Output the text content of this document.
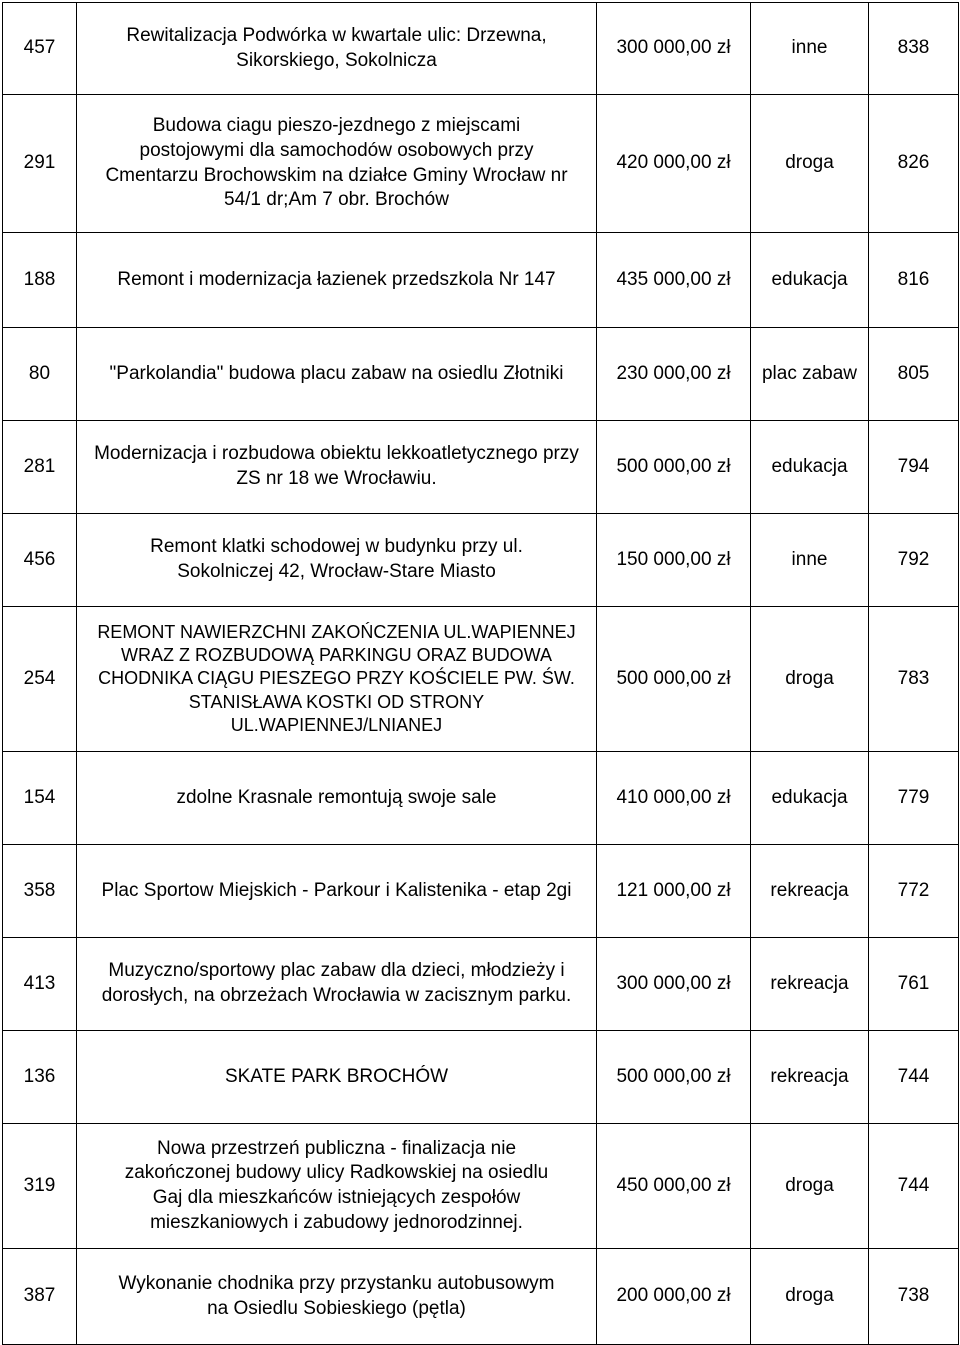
457	Rewitalizacja Podwórka w kwartale ulic: Drzewna, Sikorskiego, Sokolnicza	300 000,00 zł	inne	838
291	Budowa ciagu pieszo-jezdnego z miejscami postojowymi dla samochodów osobowych przy Cmentarzu Brochowskim na działce Gminy Wrocław nr 54/1 dr;Am 7 obr. Brochów	420 000,00 zł	droga	826
188	Remont i modernizacja łazienek przedszkola Nr 147	435 000,00 zł	edukacja	816
80	"Parkolandia" budowa placu zabaw na osiedlu Złotniki	230 000,00 zł	plac zabaw	805
281	Modernizacja i rozbudowa obiektu lekkoatletycznego przy ZS nr 18 we Wrocławiu.	500 000,00 zł	edukacja	794
456	Remont klatki schodowej w budynku przy ul. Sokolniczej 42, Wrocław-Stare Miasto	150 000,00 zł	inne	792
254	REMONT NAWIERZCHNI ZAKOŃCZENIA UL.WAPIENNEJ WRAZ Z ROZBUDOWĄ PARKINGU ORAZ BUDOWA CHODNIKA CIĄGU PIESZEGO PRZY KOŚCIELE PW. ŚW. STANISŁAWA KOSTKI OD STRONY UL.WAPIENNEJ/LNIANEJ	500 000,00 zł	droga	783
154	zdolne Krasnale remontują swoje sale	410 000,00 zł	edukacja	779
358	Plac Sportow Miejskich - Parkour i Kalistenika - etap 2gi	121 000,00 zł	rekreacja	772
413	Muzyczno/sportowy plac zabaw dla dzieci, młodzieży i dorosłych, na obrzeżach Wrocławia w zacisznym parku.	300 000,00 zł	rekreacja	761
136	SKATE PARK BROCHÓW	500 000,00 zł	rekreacja	744
319	Nowa przestrzeń publiczna - finalizacja nie zakończonej budowy ulicy Radkowskiej na osiedlu Gaj dla mieszkańców istniejących zespołów mieszkaniowych i zabudowy jednorodzinnej.	450 000,00 zł	droga	744
387	Wykonanie chodnika przy przystanku autobusowym na Osiedlu Sobieskiego (pętla)	200 000,00 zł	droga	738
